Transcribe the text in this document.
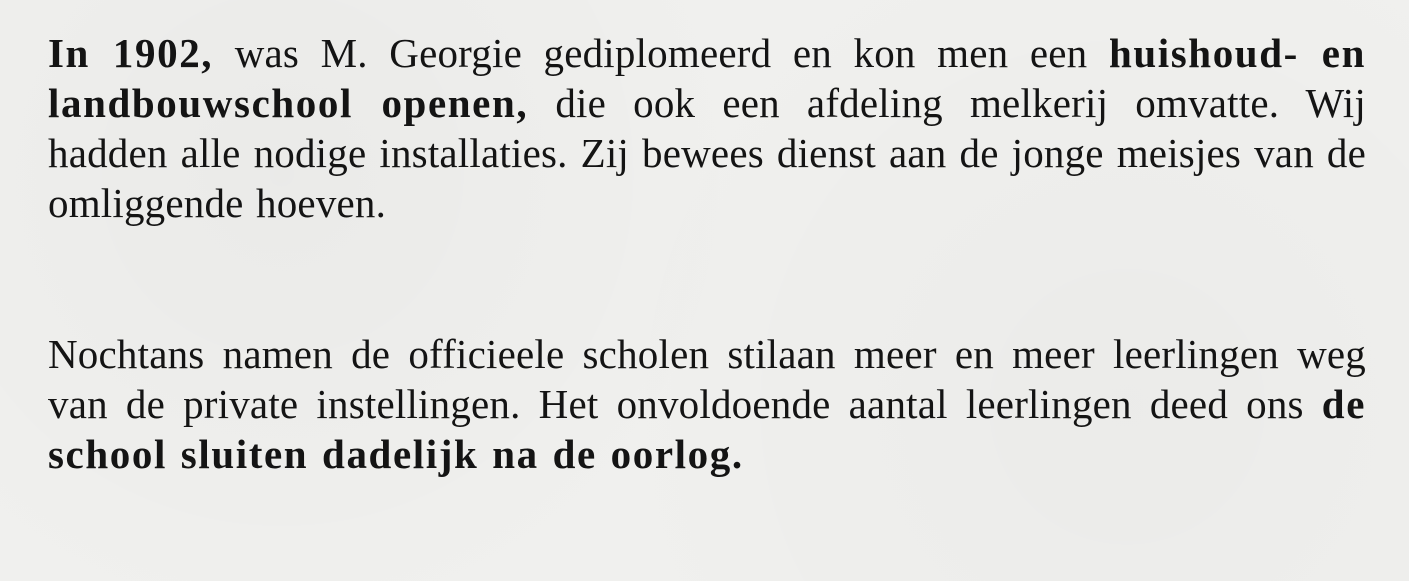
In 1902, was M. Georgie gediplomeerd en kon men een huishoud- en landbouwschool openen, die ook een afdeling melkerij omvatte. Wij hadden alle nodige installaties. Zij bewees dienst aan de jonge meisjes van de omliggende hoeven.

Nochtans namen de officieele scholen stilaan meer en meer leerlingen weg van de private instellingen. Het onvoldoende aantal leerlingen deed ons de school sluiten dadelijk na de oorlog.
